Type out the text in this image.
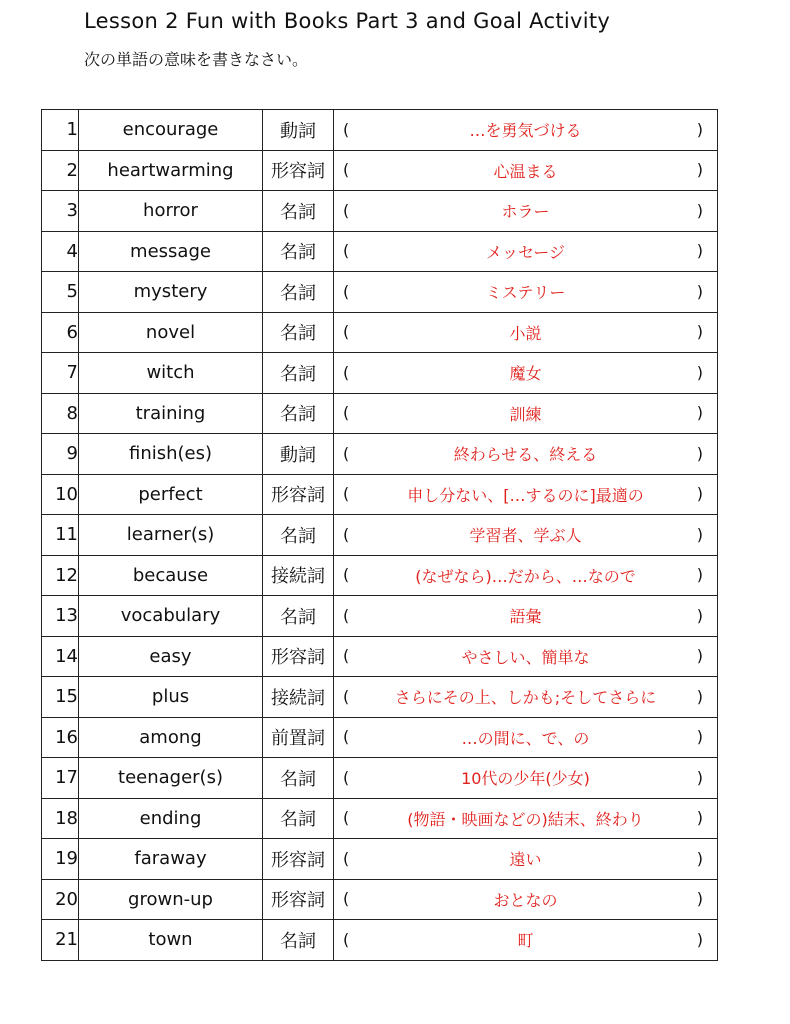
Lesson 2 Fun with Books Part 3 and Goal Activity
次の単語の意味を書きなさい。
1	encourage	動詞	( …を勇気づける )

2	heartwarming	形容詞	( 心温まる )

3	horror	名詞	( ホラー )

4	message	名詞	( メッセージ )

5	mystery	名詞	( ミステリー )

6	novel	名詞	( 小説 )

7	witch	名詞	( 魔女 )

8	training	名詞	( 訓練 )

9	finish(es)	動詞	( 終わらせる、終える )

10	perfect	形容詞	( 申し分ない、[…するのに]最適の )

11	learner(s)	名詞	( 学習者、学ぶ人 )

12	because	接続詞	( (なぜなら)…だから、…なので )

13	vocabulary	名詞	( 語彙 )

14	easy	形容詞	( やさしい、簡単な )

15	plus	接続詞	( さらにその上、しかも;そしてさらに )

16	among	前置詞	( …の間に、で、の )

17	teenager(s)	名詞	( 10代の少年(少女) )

18	ending	名詞	( (物語・映画などの)結末、終わり )

19	faraway	形容詞	( 遠い )

20	grown-up	形容詞	( おとなの )

21	town	名詞	( 町 )
